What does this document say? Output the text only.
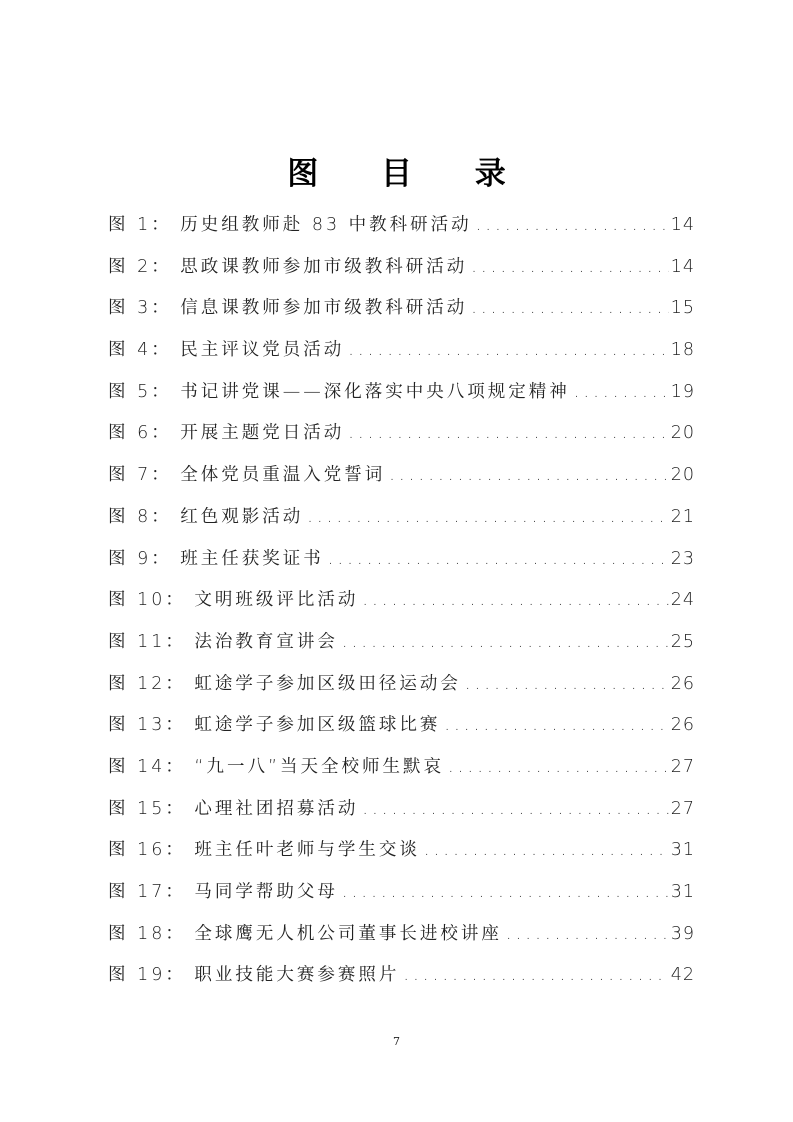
图 目 录
图 1： 历史组教师赴 83 中教科研活动 .....	14
图 2： 思政课教师参加市级教科研活动 .....	14
图 3： 信息课教师参加市级教科研活动 .....	15
图 4： 民主评议党员活动 .....	18
图 5： 书记讲党课——深化落实中央八项规定精神 .....	19
图 6： 开展主题党日活动 .....	20
图 7： 全体党员重温入党誓词 .....	20
图 8： 红色观影活动 .....	21
图 9： 班主任获奖证书 .....	23
图 10： 文明班级评比活动 .....	24
图 11： 法治教育宣讲会 .....	25
图 12： 虹途学子参加区级田径运动会 .....	26
图 13： 虹途学子参加区级篮球比赛 .....	26
图 14： “九一八”当天全校师生默哀 .....	27
图 15： 心理社团招募活动 .....	27
图 16： 班主任叶老师与学生交谈 .....	31
图 17： 马同学帮助父母 .....	31
图 18： 全球鹰无人机公司董事长进校讲座 .....	39
图 19： 职业技能大赛参赛照片 .....	42
7
